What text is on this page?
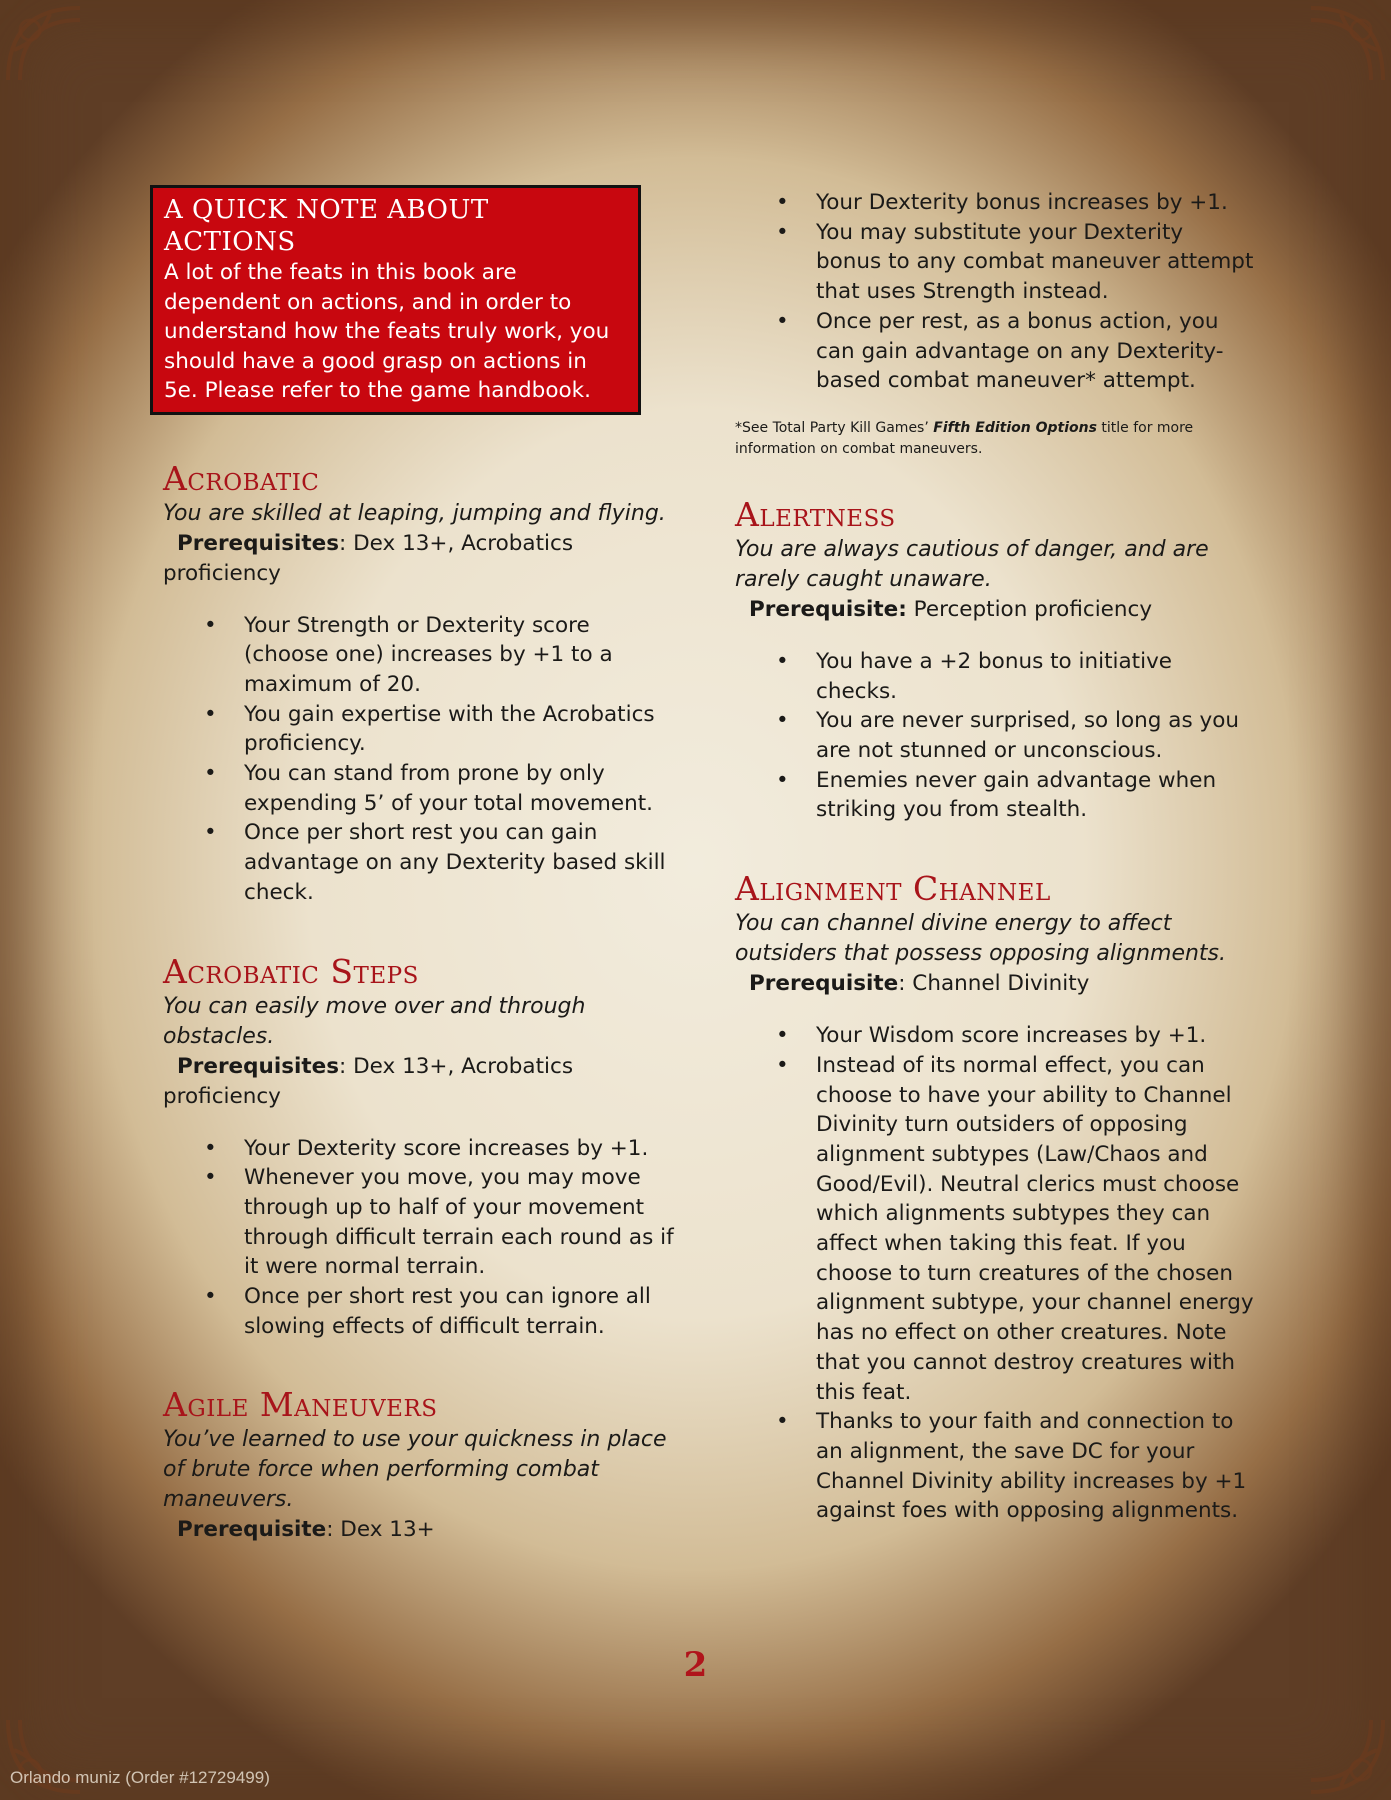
A QUICK NOTE ABOUT ACTIONS

A lot of the feats in this book are dependent on actions, and in order to understand how the feats truly work, you should have a good grasp on actions in 5e. Please refer to the game handbook.

Acrobatic

You are skilled at leaping, jumping and flying.

Prerequisites: Dex 13+, Acrobatics proficiency

• Your Strength or Dexterity score (choose one) increases by +1 to a maximum of 20.
• You gain expertise with the Acrobatics proficiency.
• You can stand from prone by only expending 5’ of your total movement.
• Once per short rest you can gain advantage on any Dexterity based skill check.
Acrobatic Steps

You can easily move over and through obstacles.

Prerequisites: Dex 13+, Acrobatics proficiency

• Your Dexterity score increases by +1.
• Whenever you move, you may move through up to half of your movement through difficult terrain each round as if it were normal terrain.
• Once per short rest you can ignore all slowing effects of difficult terrain.
Agile Maneuvers

You’ve learned to use your quickness in place of brute force when performing combat maneuvers.

Prerequisite: Dex 13+

• Your Dexterity bonus increases by +1.
• You may substitute your Dexterity bonus to any combat maneuver attempt that uses Strength instead.
• Once per rest, as a bonus action, you can gain advantage on any Dexterity-based combat maneuver* attempt.

*See Total Party Kill Games’ Fifth Edition Options title for more information on combat maneuvers.

Alertness

You are always cautious of danger, and are rarely caught unaware.

Prerequisite: Perception proficiency

• You have a +2 bonus to initiative checks.
• You are never surprised, so long as you are not stunned or unconscious.
• Enemies never gain advantage when striking you from stealth.
Alignment Channel

You can channel divine energy to affect outsiders that possess opposing alignments.

Prerequisite: Channel Divinity

• Your Wisdom score increases by +1.
• Instead of its normal effect, you can choose to have your ability to Channel Divinity turn outsiders of opposing alignment subtypes (Law/Chaos and Good/Evil). Neutral clerics must choose which alignments subtypes they can affect when taking this feat. If you choose to turn creatures of the chosen alignment subtype, your channel energy has no effect on other creatures. Note that you cannot destroy creatures with this feat.
• Thanks to your faith and connection to an alignment, the save DC for your Channel Divinity ability increases by +1 against foes with opposing alignments.
2
Orlando muniz (Order #12729499)
